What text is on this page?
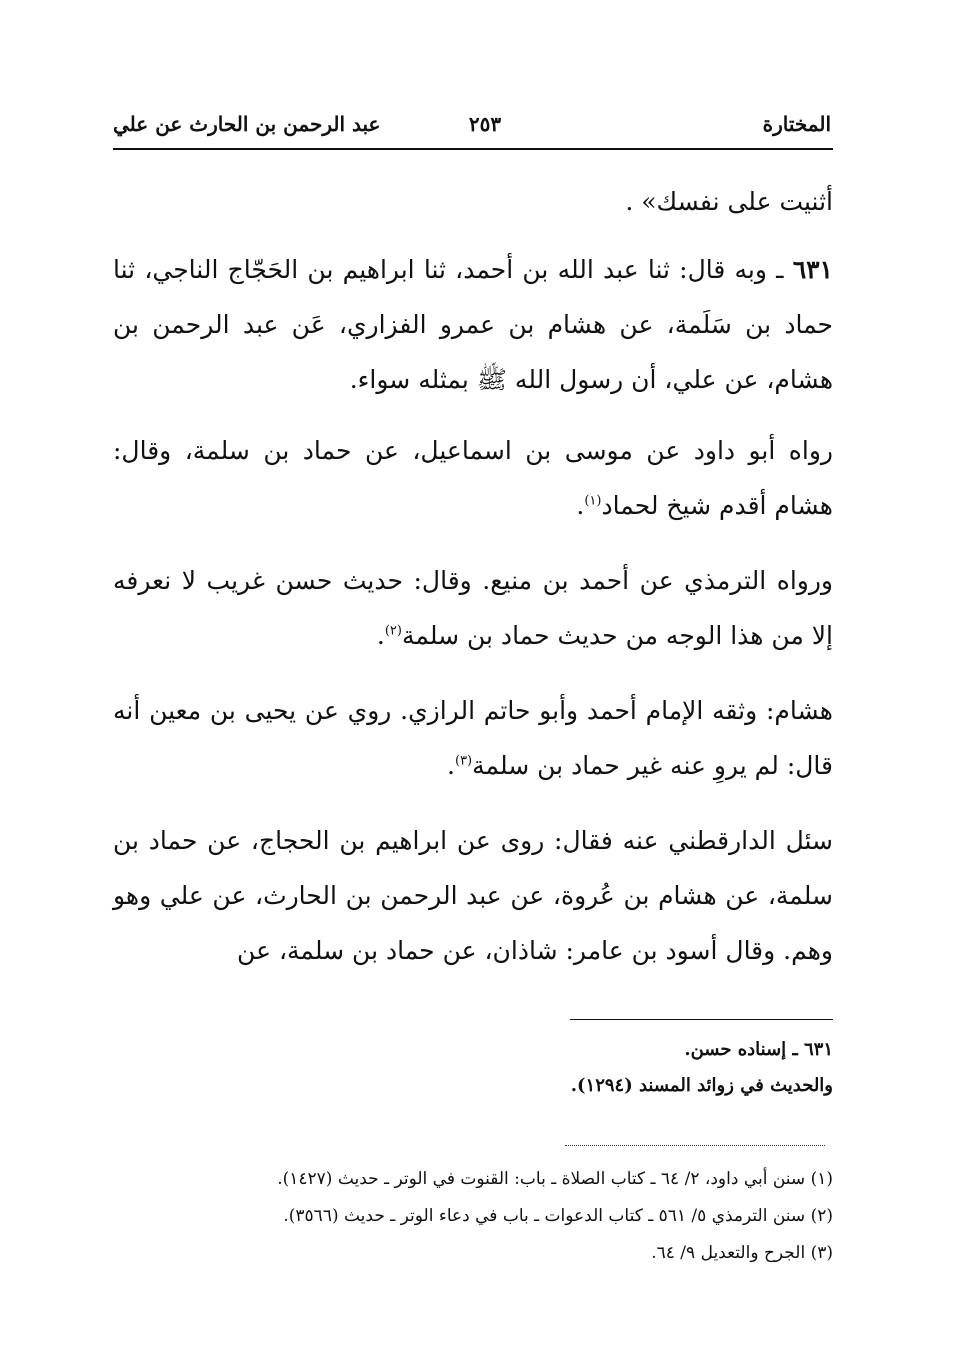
المختارة
٢٥٣
عبد الرحمن بن الحارث عن علي
أثنيت على نفسك» .
٦٣١ ـ وبه قال: ثنا عبد الله بن أحمد، ثنا ابراهيم بن الحَجّاج الناجي، ثنا حماد بن سَلَمة، عن هشام بن عمرو الفزاري، عَن عبد الرحمن بن هشام، عن علي، أن رسول الله ﷺ بمثله سواء.
رواه أبو داود عن موسى بن اسماعيل، عن حماد بن سلمة، وقال: هشام أقدم شيخ لحماد$^{(١)}$.
ورواه الترمذي عن أحمد بن منيع. وقال: حديث حسن غريب لا نعرفه إلا من هذا الوجه من حديث حماد بن سلمة$^{(٢)}$.
هشام: وثقه الإمام أحمد وأبو حاتم الرازي. روي عن يحيى بن معين أنه قال: لم يروِ عنه غير حماد بن سلمة$^{(٣)}$.
سئل الدارقطني عنه فقال: روى عن ابراهيم بن الحجاج، عن حماد بن سلمة، عن هشام بن عُروة، عن عبد الرحمن بن الحارث، عن علي وهو وهم. وقال أسود بن عامر: شاذان، عن حماد بن سلمة، عن
٦٣١ ـ إسناده حسن.
والحديث في زوائد المسند (١٢٩٤).
(١) سنن أبي داود، ٢/ ٦٤ ـ كتاب الصلاة ـ باب: القنوت في الوتر ـ حديث (١٤٢٧).
(٢) سنن الترمذي ٥/ ٥٦١ ـ كتاب الدعوات ـ باب في دعاء الوتر ـ حديث (٣٥٦٦).
(٣) الجرح والتعديل ٩/ ٦٤.
